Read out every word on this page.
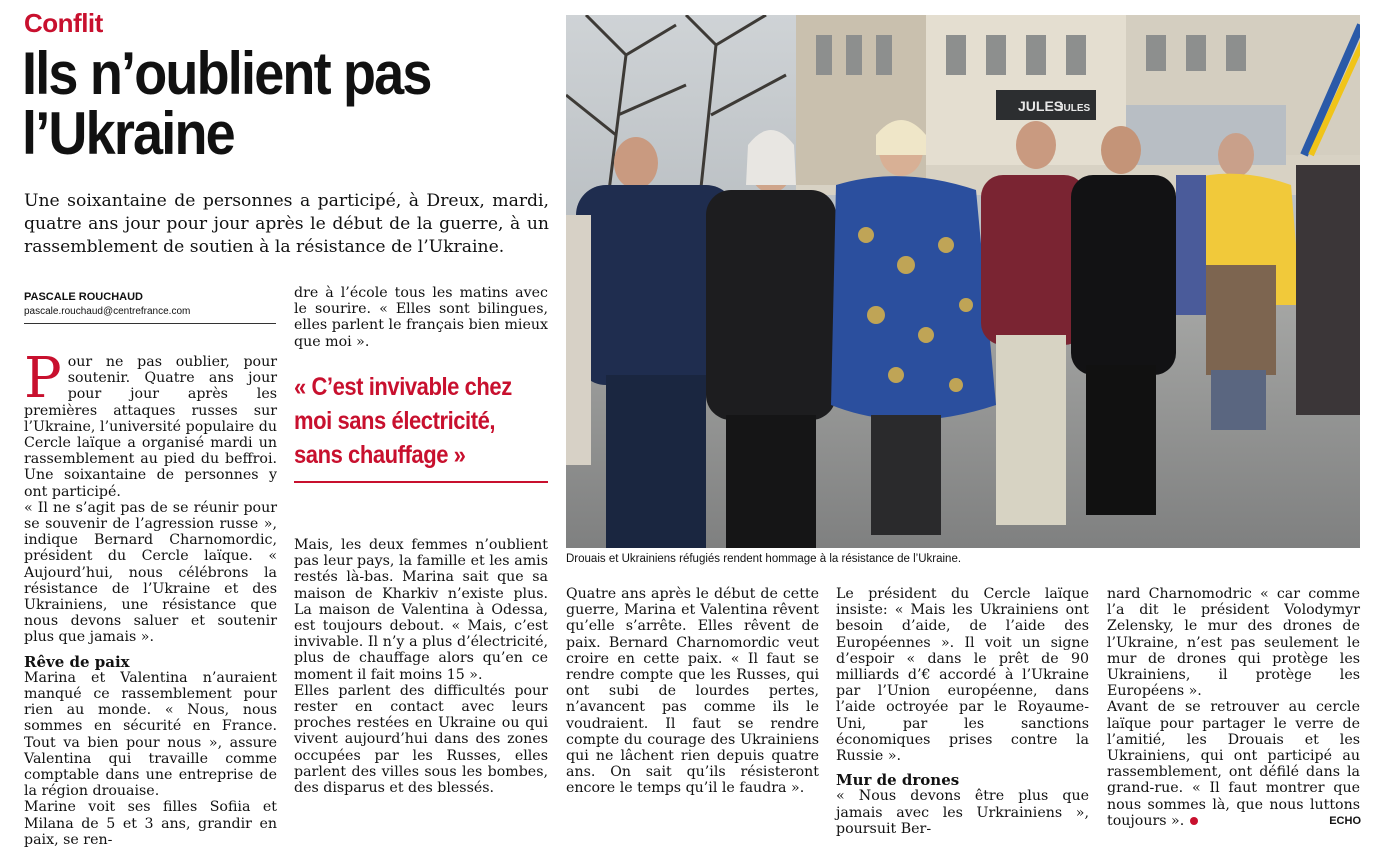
Conflit
Ils n’oublient pas
l’Ukraine
Une soixantaine de personnes a participé, à Dreux, mardi, quatre ans jour pour jour après le début de la guerre, à un rassemblement de soutien à la résistance de l’Ukraine.
PASCALE ROUCHAUD
pascale.rouchaud@centrefrance.com

Pour ne pas oublier, pour soutenir. Quatre ans jour pour jour après les premières attaques russes sur l’Ukraine, l’université populaire du Cercle laïque a organisé mardi un rassemblement au pied du beffroi. Une soixantaine de personnes y ont participé.

« Il ne s’agit pas de se réunir pour se souvenir de l’agression russe », indique Bernard Charnomordic, président du Cercle laïque. « Aujourd’hui, nous célébrons la résistance de l’Ukraine et des Ukrainiens, une résistance que nous devons saluer et soutenir plus que jamais ».

Rêve de paix

Marina et Valentina n’auraient manqué ce rassemblement pour rien au monde. « Nous, nous sommes en sécurité en France. Tout va bien pour nous », assure Valentina qui travaille comme comptable dans une entreprise de la région drouaise.

Marine voit ses filles Sofiia et Milana de 5 et 3 ans, grandir en paix, se ren-

dre à l’école tous les matins avec le sourire. « Elles sont bilingues, elles parlent le français bien mieux que moi ».

« C’est invivable chez moi sans électricité, sans chauffage »

Mais, les deux femmes n’oublient pas leur pays, la famille et les amis restés là-bas. Marina sait que sa maison de Kharkiv n’existe plus. La maison de Valentina à Odessa, est toujours debout. « Mais, c’est invivable. Il n’y a plus d’électricité, plus de chauffage alors qu’en ce moment il fait moins 15 ».

Elles parlent des difficultés pour rester en contact avec leurs proches restées en Ukraine ou qui vivent aujourd’hui dans des zones occupées par les Russes, elles parlent des villes sous les bombes, des disparus et des blessés.

JULES
JULES
Drouais et Ukrainiens réfugiés rendent hommage à la résistance de l’Ukraine.

Quatre ans après le début de cette guerre, Marina et Valentina rêvent qu’elle s’arrête. Elles rêvent de paix. Bernard Charnomordic veut croire en cette paix. « Il faut se rendre compte que les Russes, qui ont subi de lourdes pertes, n’avancent pas comme ils le voudraient. Il faut se rendre compte du courage des Ukrainiens qui ne lâchent rien depuis quatre ans. On sait qu’ils résisteront encore le temps qu’il le faudra ».

Le président du Cercle laïque insiste: « Mais les Ukrainiens ont besoin d’aide, de l’aide des Européennes ». Il voit un signe d’espoir « dans le prêt de 90 milliards d’€ accordé à l’Ukraine par l’Union européenne, dans l’aide octroyée par le Royaume-Uni, par les sanctions économiques prises contre la Russie ».

Mur de drones

« Nous devons être plus que jamais avec les Urkrainiens », poursuit Ber-

nard Charnomodric « car comme l’a dit le président Volodymyr Zelensky, le mur des drones de l’Ukraine, n’est pas seulement le mur de drones qui protège les Ukrainiens, il protège les Européens ».

Avant de se retrouver au cercle laïque pour partager le verre de l’amitié, les Drouais et les Ukrainiens, qui ont participé au rassemblement, ont défilé dans la grand-rue. « Il faut montrer que nous sommes là, que nous luttons toujours ».	ECHO
